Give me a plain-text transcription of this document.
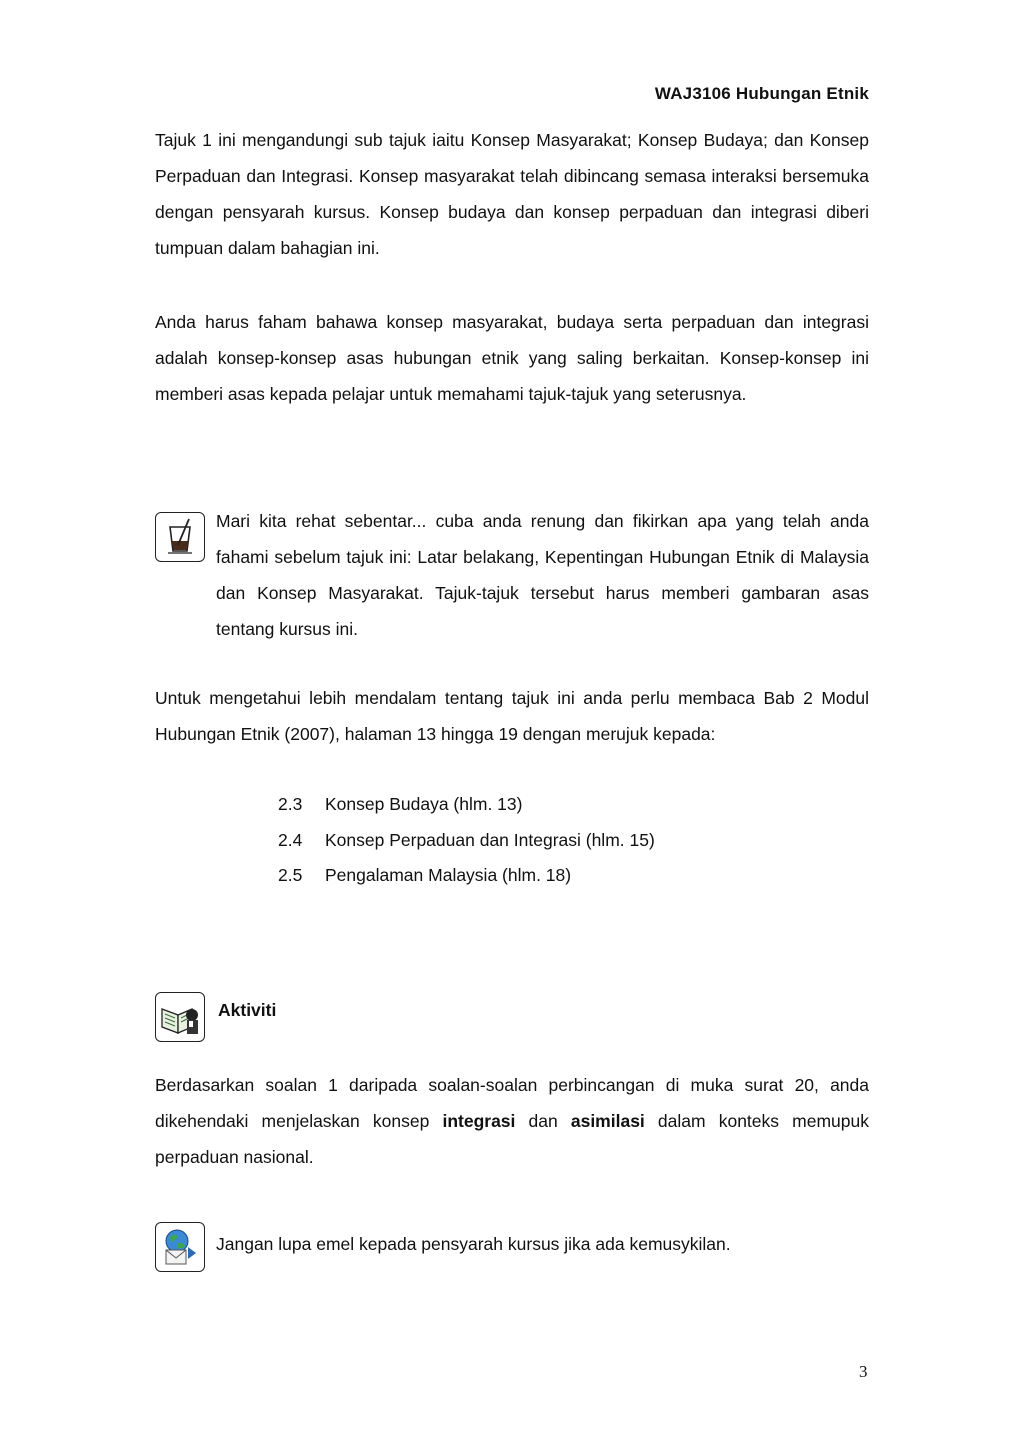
WAJ3106 Hubungan Etnik

Tajuk 1 ini mengandungi sub tajuk iaitu Konsep Masyarakat; Konsep Budaya; dan Konsep Perpaduan dan Integrasi. Konsep masyarakat telah dibincang semasa interaksi bersemuka dengan pensyarah kursus. Konsep budaya dan konsep perpaduan dan integrasi diberi tumpuan dalam bahagian ini.

Anda harus faham bahawa konsep masyarakat, budaya serta perpaduan dan integrasi adalah konsep-konsep asas hubungan etnik yang saling berkaitan. Konsep-konsep ini memberi asas kepada pelajar untuk memahami tajuk-tajuk yang seterusnya.

Mari kita rehat sebentar... cuba anda renung dan fikirkan apa yang telah anda fahami sebelum tajuk ini: Latar belakang, Kepentingan Hubungan Etnik di Malaysia dan Konsep Masyarakat. Tajuk-tajuk tersebut harus memberi gambaran asas tentang kursus ini.

Untuk mengetahui lebih mendalam tentang tajuk ini anda perlu membaca Bab 2 Modul Hubungan Etnik (2007), halaman 13 hingga 19 dengan merujuk kepada:

2.3	Konsep Budaya (hlm. 13)
2.4	Konsep Perpaduan dan Integrasi (hlm. 15)
2.5	Pengalaman Malaysia (hlm. 18)
Aktiviti

Berdasarkan soalan 1 daripada soalan-soalan perbincangan di muka surat 20, anda dikehendaki menjelaskan konsep integrasi dan asimilasi dalam konteks memupuk perpaduan nasional.

Jangan lupa emel kepada pensyarah kursus jika ada kemusykilan.
3
